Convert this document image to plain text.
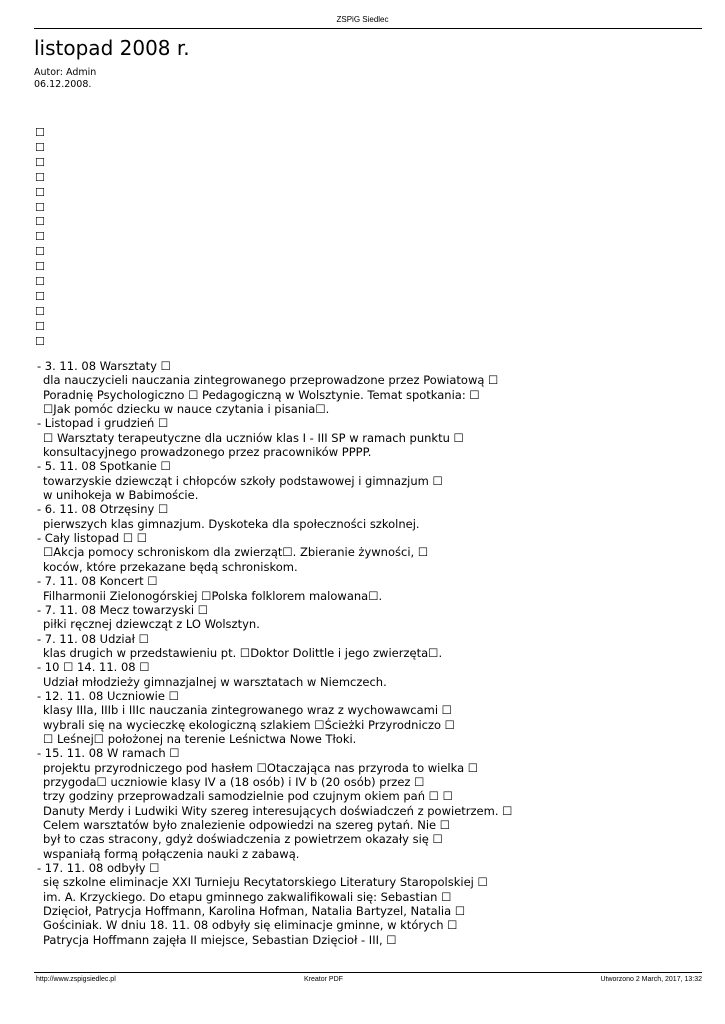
ZSPiG Siedlec
listopad 2008 r.
Autor: Admin
06.12.2008.
☐
☐
☐
☐
☐
☐
☐
☐
☐
☐
☐
☐
☐
☐
☐
- 3. 11. 08 Warsztaty ☐
dla nauczycieli nauczania zintegrowanego przeprowadzone przez Powiatową ☐
Poradnię Psychologiczno ☐ Pedagogiczną w Wolsztynie. Temat spotkania: ☐
☐Jak pomóc dziecku w nauce czytania i pisania☐.
- Listopad i grudzień ☐
☐ Warsztaty terapeutyczne dla uczniów klas I - III SP w ramach punktu ☐
konsultacyjnego prowadzonego przez pracowników PPPP.
- 5. 11. 08 Spotkanie ☐
towarzyskie dziewcząt i chłopców szkoły podstawowej i gimnazjum ☐
w unihokeja w Babimoście.
- 6. 11. 08 Otrzęsiny ☐
pierwszych klas gimnazjum. Dyskoteka dla społeczności szkolnej.
- Cały listopad ☐ ☐
☐Akcja pomocy schroniskom dla zwierząt☐. Zbieranie żywności, ☐
koców, które przekazane będą schroniskom.
- 7. 11. 08 Koncert ☐
Filharmonii Zielonogórskiej ☐Polska folklorem malowana☐.
- 7. 11. 08 Mecz towarzyski ☐
piłki ręcznej dziewcząt z LO Wolsztyn.
- 7. 11. 08 Udział ☐
klas drugich w przedstawieniu pt. ☐Doktor Dolittle i jego zwierzęta☐.
- 10 ☐ 14. 11. 08 ☐
Udział młodzieży gimnazjalnej w warsztatach w Niemczech.
- 12. 11. 08 Uczniowie ☐
klasy IIIa, IIIb i IIIc nauczania zintegrowanego wraz z wychowawcami ☐
wybrali się na wycieczkę ekologiczną szlakiem ☐Ścieżki Przyrodniczo ☐
☐ Leśnej☐ położonej na terenie Leśnictwa Nowe Tłoki.
- 15. 11. 08 W ramach ☐
projektu przyrodniczego pod hasłem ☐Otaczająca nas przyroda to wielka ☐
przygoda☐ uczniowie klasy IV a (18 osób) i IV b (20 osób) przez ☐
trzy godziny przeprowadzali samodzielnie pod czujnym okiem pań ☐ ☐
Danuty Merdy i Ludwiki Wity szereg interesujących doświadczeń z powietrzem. ☐
Celem warsztatów było znalezienie odpowiedzi na szereg pytań. Nie ☐
był to czas stracony, gdyż doświadczenia z powietrzem okazały się ☐
wspaniałą formą połączenia nauki z zabawą.
- 17. 11. 08 odbyły ☐
się szkolne eliminacje XXI Turnieju Recytatorskiego Literatury Staropolskiej ☐
im. A. Krzyckiego. Do etapu gminnego zakwalifikowali się: Sebastian ☐
Dzięcioł, Patrycja Hoffmann, Karolina Hofman, Natalia Bartyzel, Natalia ☐
Gościniak. W dniu 18. 11. 08 odbyły się eliminacje gminne, w których ☐
Patrycja Hoffmann zajęła II miejsce, Sebastian Dzięcioł - III, ☐
http://www.zspigsiedlec.pl	Kreator PDF	Utworzono 2 March, 2017, 13:32
